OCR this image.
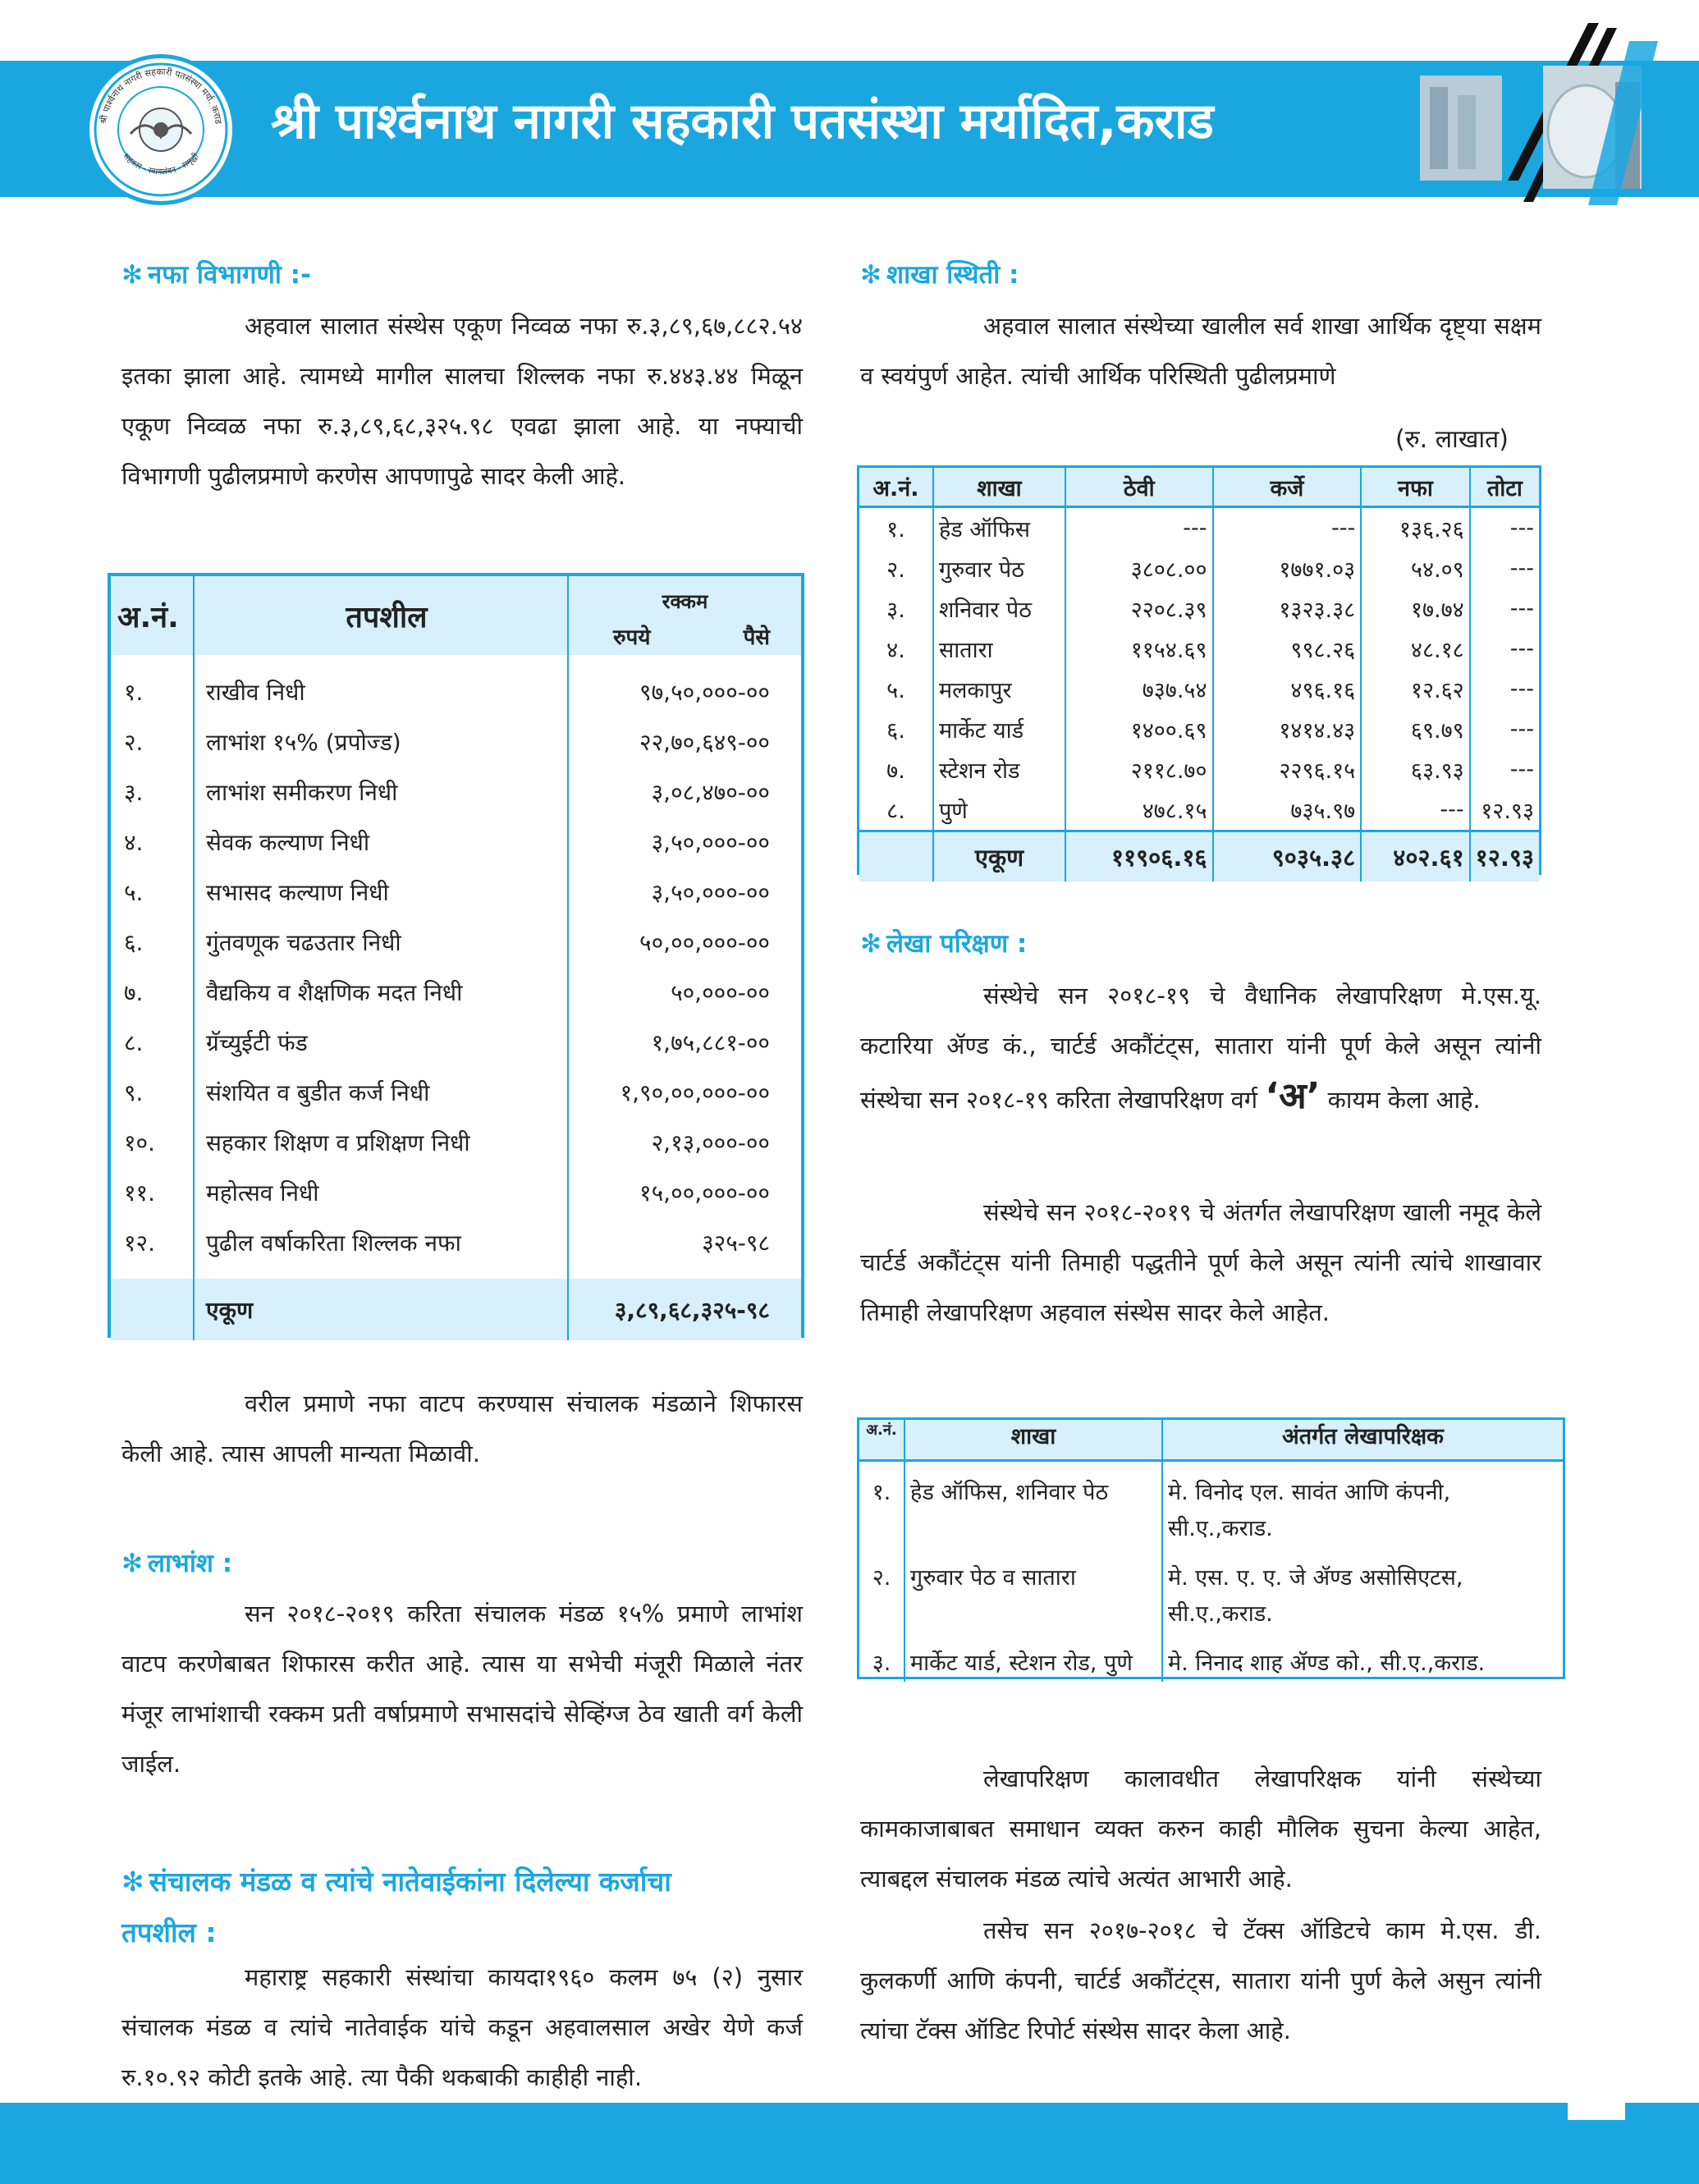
श्री पार्श्वनाथ नागरी सहकारी पतसंस्था मर्या. कराड
सहकार - स्वावलंबन - समृद्धी
श्री पार्श्वनाथ नागरी सहकारी पतसंस्था मर्यादित,कराड
✻ नफा विभागणी :-

अहवाल सालात संस्थेस एकूण निव्वळ नफा रु.३,८९,६७,८८२.५४ इतका झाला आहे. त्यामध्ये मागील सालचा शिल्लक नफा रु.४४३.४४ मिळून एकूण निव्वळ नफा रु.३,८९,६८,३२५.९८ एवढा झाला आहे. या नफ्याची विभागणी पुढीलप्रमाणे करणेस आपणापुढे सादर केली आहे.

अ.नं.	तपशील	रक्कम
रुपये पैसे

१.	राखीव निधी	९७,५०,०००-००
२.	लाभांश १५% (प्रपोज्ड)	२२,७०,६४९-००
३.	लाभांश समीकरण निधी	३,०८,४७०-००
४.	सेवक कल्याण निधी	३,५०,०००-००
५.	सभासद कल्याण निधी	३,५०,०००-००
६.	गुंतवणूक चढउतार निधी	५०,००,०००-००
७.	वैद्यकिय व शैक्षणिक मदत निधी	५०,०००-००
८.	ग्रॅच्युईटी फंड	१,७५,८८१-००
९.	संशयित व बुडीत कर्ज निधी	१,९०,००,०००-००
१०.	सहकार शिक्षण व प्रशिक्षण निधी	२,१३,०००-००
११.	महोत्सव निधी	१५,००,०००-००
१२.	पुढील वर्षाकरिता शिल्लक नफा	३२५-९८

	एकूण	३,८९,६८,३२५-९८

वरील प्रमाणे नफा वाटप करण्यास संचालक मंडळाने शिफारस केली आहे. त्यास आपली मान्यता मिळावी.

✻ लाभांश :

सन २०१८-२०१९ करिता संचालक मंडळ १५% प्रमाणे लाभांश वाटप करणेबाबत शिफारस करीत आहे. त्यास या सभेची मंजूरी मिळाले नंतर मंजूर लाभांशाची रक्कम प्रती वर्षाप्रमाणे सभासदांचे सेव्हिंग्ज ठेव खाती वर्ग केली जाईल.

✻ संचालक मंडळ व त्यांचे नातेवाईकांना दिलेल्या कर्जाचा
तपशील :

महाराष्ट्र सहकारी संस्थांचा कायदा१९६० कलम ७५ (२) नुसार संचालक मंडळ व त्यांचे नातेवाईक यांचे कडून अहवालसाल अखेर येणे कर्ज रु.१०.९२ कोटी इतके आहे. त्या पैकी थकबाकी काहीही नाही.

✻ शाखा स्थिती :

अहवाल सालात संस्थेच्या खालील सर्व शाखा आर्थिक दृष्ट्या सक्षम व स्वयंपुर्ण आहेत. त्यांची आर्थिक परिस्थिती पुढीलप्रमाणे

(रु. लाखात)
अ.नं.	शाखा	ठेवी	कर्जे	नफा	तोटा
१.	हेड ऑफिस	---	---	१३६.२६	---
२.	गुरुवार पेठ	३८०८.००	१७७१.०३	५४.०९	---
३.	शनिवार पेठ	२२०८.३९	१३२३.३८	१७.७४	---
४.	सातारा	११५४.६९	९९८.२६	४८.१८	---
५.	मलकापुर	७३७.५४	४९६.१६	१२.६२	---
६.	मार्केट यार्ड	१४००.६९	१४१४.४३	६९.७९	---
७.	स्टेशन रोड	२११८.७०	२२९६.१५	६३.९३	---
८.	पुणे	४७८.१५	७३५.९७	---	१२.९३
	एकूण	११९०६.१६	९०३५.३८	४०२.६१	१२.९३
✻ लेखा परिक्षण :

संस्थेचे सन २०१८-१९ चे वैधानिक लेखापरिक्षण मे.एस.यू. कटारिया ॲण्ड कं., चार्टर्ड अकौंटंट्स, सातारा यांनी पूर्ण केले असून त्यांनी संस्थेचा सन २०१८-१९ करिता लेखापरिक्षण वर्ग ‘अ’ कायम केला आहे.

संस्थेचे सन २०१८-२०१९ चे अंतर्गत लेखापरिक्षण खाली नमूद केले चार्टर्ड अकौंटंट्स यांनी तिमाही पद्धतीने पूर्ण केले असून त्यांनी त्यांचे शाखावार तिमाही लेखापरिक्षण अहवाल संस्थेस सादर केले आहेत.

अ.नं.	शाखा	अंतर्गत लेखापरिक्षक
१.	हेड ऑफिस, शनिवार पेठ	मे. विनोद एल. सावंत आणि कंपनी, सी.ए.,कराड.
२.	गुरुवार पेठ व सातारा	मे. एस. ए. ए. जे ॲण्ड असोसिएटस, सी.ए.,कराड.
३.	मार्केट यार्ड, स्टेशन रोड, पुणे	मे. निनाद शाह ॲण्ड को., सी.ए.,कराड.

लेखापरिक्षण कालावधीत लेखापरिक्षक यांनी संस्थेच्या कामकाजाबाबत समाधान व्यक्त करुन काही मौलिक सुचना केल्या आहेत, त्याबद्दल संचालक मंडळ त्यांचे अत्यंत आभारी आहे.

तसेच सन २०१७-२०१८ चे टॅक्स ऑडिटचे काम मे.एस. डी. कुलकर्णी आणि कंपनी, चार्टर्ड अकौंटंट्स, सातारा यांनी पुर्ण केले असुन त्यांनी त्यांचा टॅक्स ऑडिट रिपोर्ट संस्थेस सादर केला आहे.
